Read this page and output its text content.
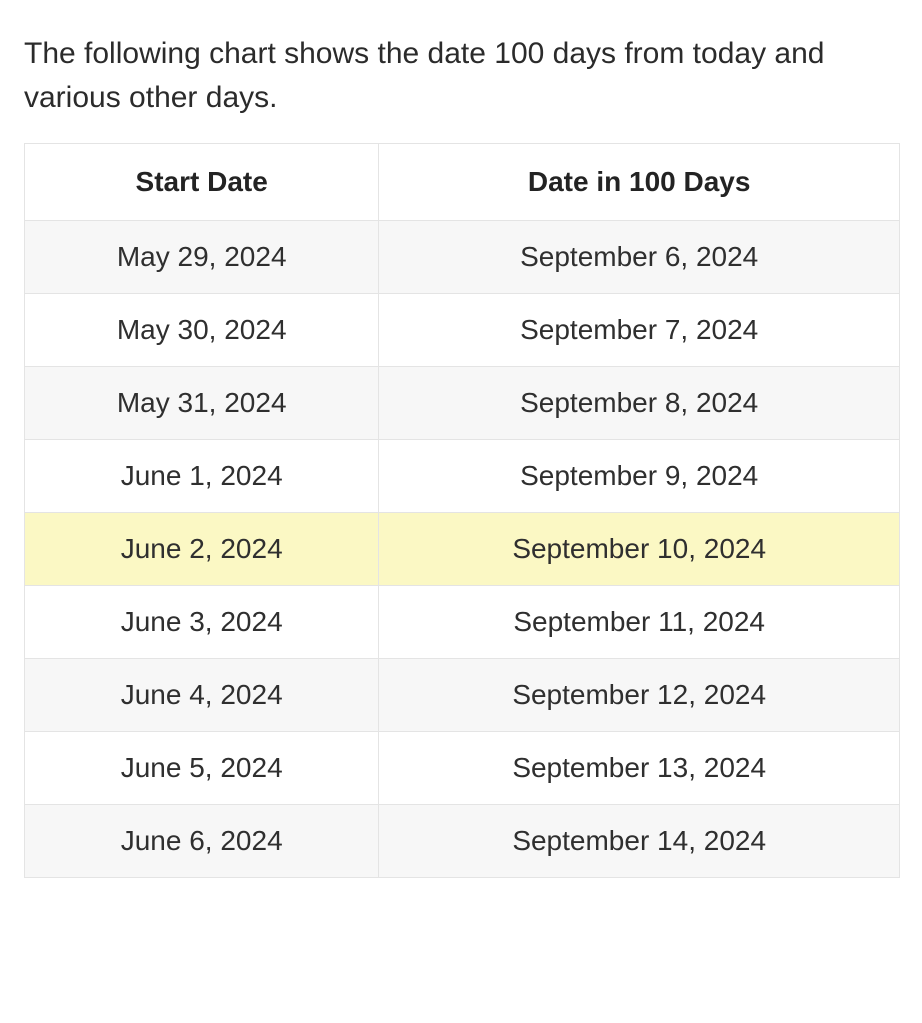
The following chart shows the date 100 days from today and various other days.

Start Date	Date in 100 Days
May 29, 2024	September 6, 2024
May 30, 2024	September 7, 2024
May 31, 2024	September 8, 2024
June 1, 2024	September 9, 2024
June 2, 2024	September 10, 2024
June 3, 2024	September 11, 2024
June 4, 2024	September 12, 2024
June 5, 2024	September 13, 2024
June 6, 2024	September 14, 2024
